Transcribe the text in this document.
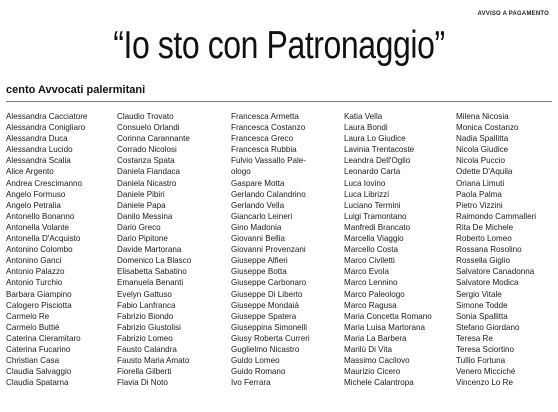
AVVISO A PAGAMENTO
“Io sto con Patronaggio”
cento Avvocati palermitani
Alessandra Cacciatore
Alessandra Conigliaro
Alessandra Duca
Alessandra Lucido
Alessandra Scalia
Alice Argento
Andrea Crescimanno
Angelo Formuso
Angelo Petralia
Antonello Bonanno
Antonella Volante
Antonella D'Acquisto
Antonino Colombo
Antonino Ganci
Antonio Palazzo
Antonio Turchio
Barbara Giampino
Calogero Pisciotta
Carmelo Re
Carmelo Buttiè
Caterina Cieramitaro
Caterina Fucarino
Christian Casa
Claudia Salvaggio
Claudia Spatarna
Claudio Trovato
Consuelo Orlandi
Corinna Carannante
Corrado Nicolosi
Costanza Spata
Daniela Fiandaca
Daniela Nicastro
Daniele Pibiri
Daniele Papa
Danilo Messina
Dario Greco
Dario Pipitone
Davide Martorana
Domenico La Blasco
Elisabetta Sabatino
Emanuela Benanti
Evelyn Gattuso
Fabio Lanfranca
Fabrizio Biondo
Fabrizio Giustolisi
Fabrizio Lomeo
Fausto Calandra
Fausto Maria Amato
Fiorella Gilberti
Flavia Di Noto
Francesca Armetta
Francesca Costanzo
Francesca Greco
Francesca Rubbia
Fulvio Vassallo Pale-
ologo
Gaspare Motta
Gerlando Calandrino
Gerlando Vella
Giancarlo Leineri
Gino Madonia
Giovanni Bellia
Giovanni Provenzani
Giuseppe Alfieri
Giuseppe Botta
Giuseppe Carbonaro
Giuseppe Di Liberto
Giuseppe Mondaià
Giuseppe Spatera
Giuseppina Simonelli
Giusy Roberta Curreri
Guglielmo Nicastro
Guido Lomeo
Guido Romano
Ivo Ferrara
Katia Vella
Laura Bondi
Laura Lo Giudice
Lavinia Trentacoste
Leandra Dell'Oglio
Leonardo Carta
Luca Iovino
Luca Librizzi
Luciano Termini
Luigi Tramontano
Manfredi Brancato
Marcella Viaggio
Marcello Costa
Marco Civiletti
Marco Evola
Marco Lennino
Marco Paleologo
Marco Ragusa
Maria Concetta Romano
Maria Luisa Martorana
Maria La Barbera
Marilù Di Vita
Massimo Cacilovo
Maurizio Cicero
Michele Calantropa
Milena Nicosia
Monica Costanzo
Nadia Spallitta
Nicola Giudice
Nicola Puccio
Odette D'Aquila
Oriana Limuti
Paola Palma
Pietro Vizzini
Raimondo Cammalleri
Rita De Michele
Roberto Lomeo
Rossana Rosolino
Rossella Giglio
Salvatore Canadonna
Salvatore Modica
Sergio Vitale
Simone Todde
Sonia Spallitta
Stefano Giordano
Teresa Re
Teresa Sciortino
Tullio Fortuna
Venero Micciché
Vincenzo Lo Re
